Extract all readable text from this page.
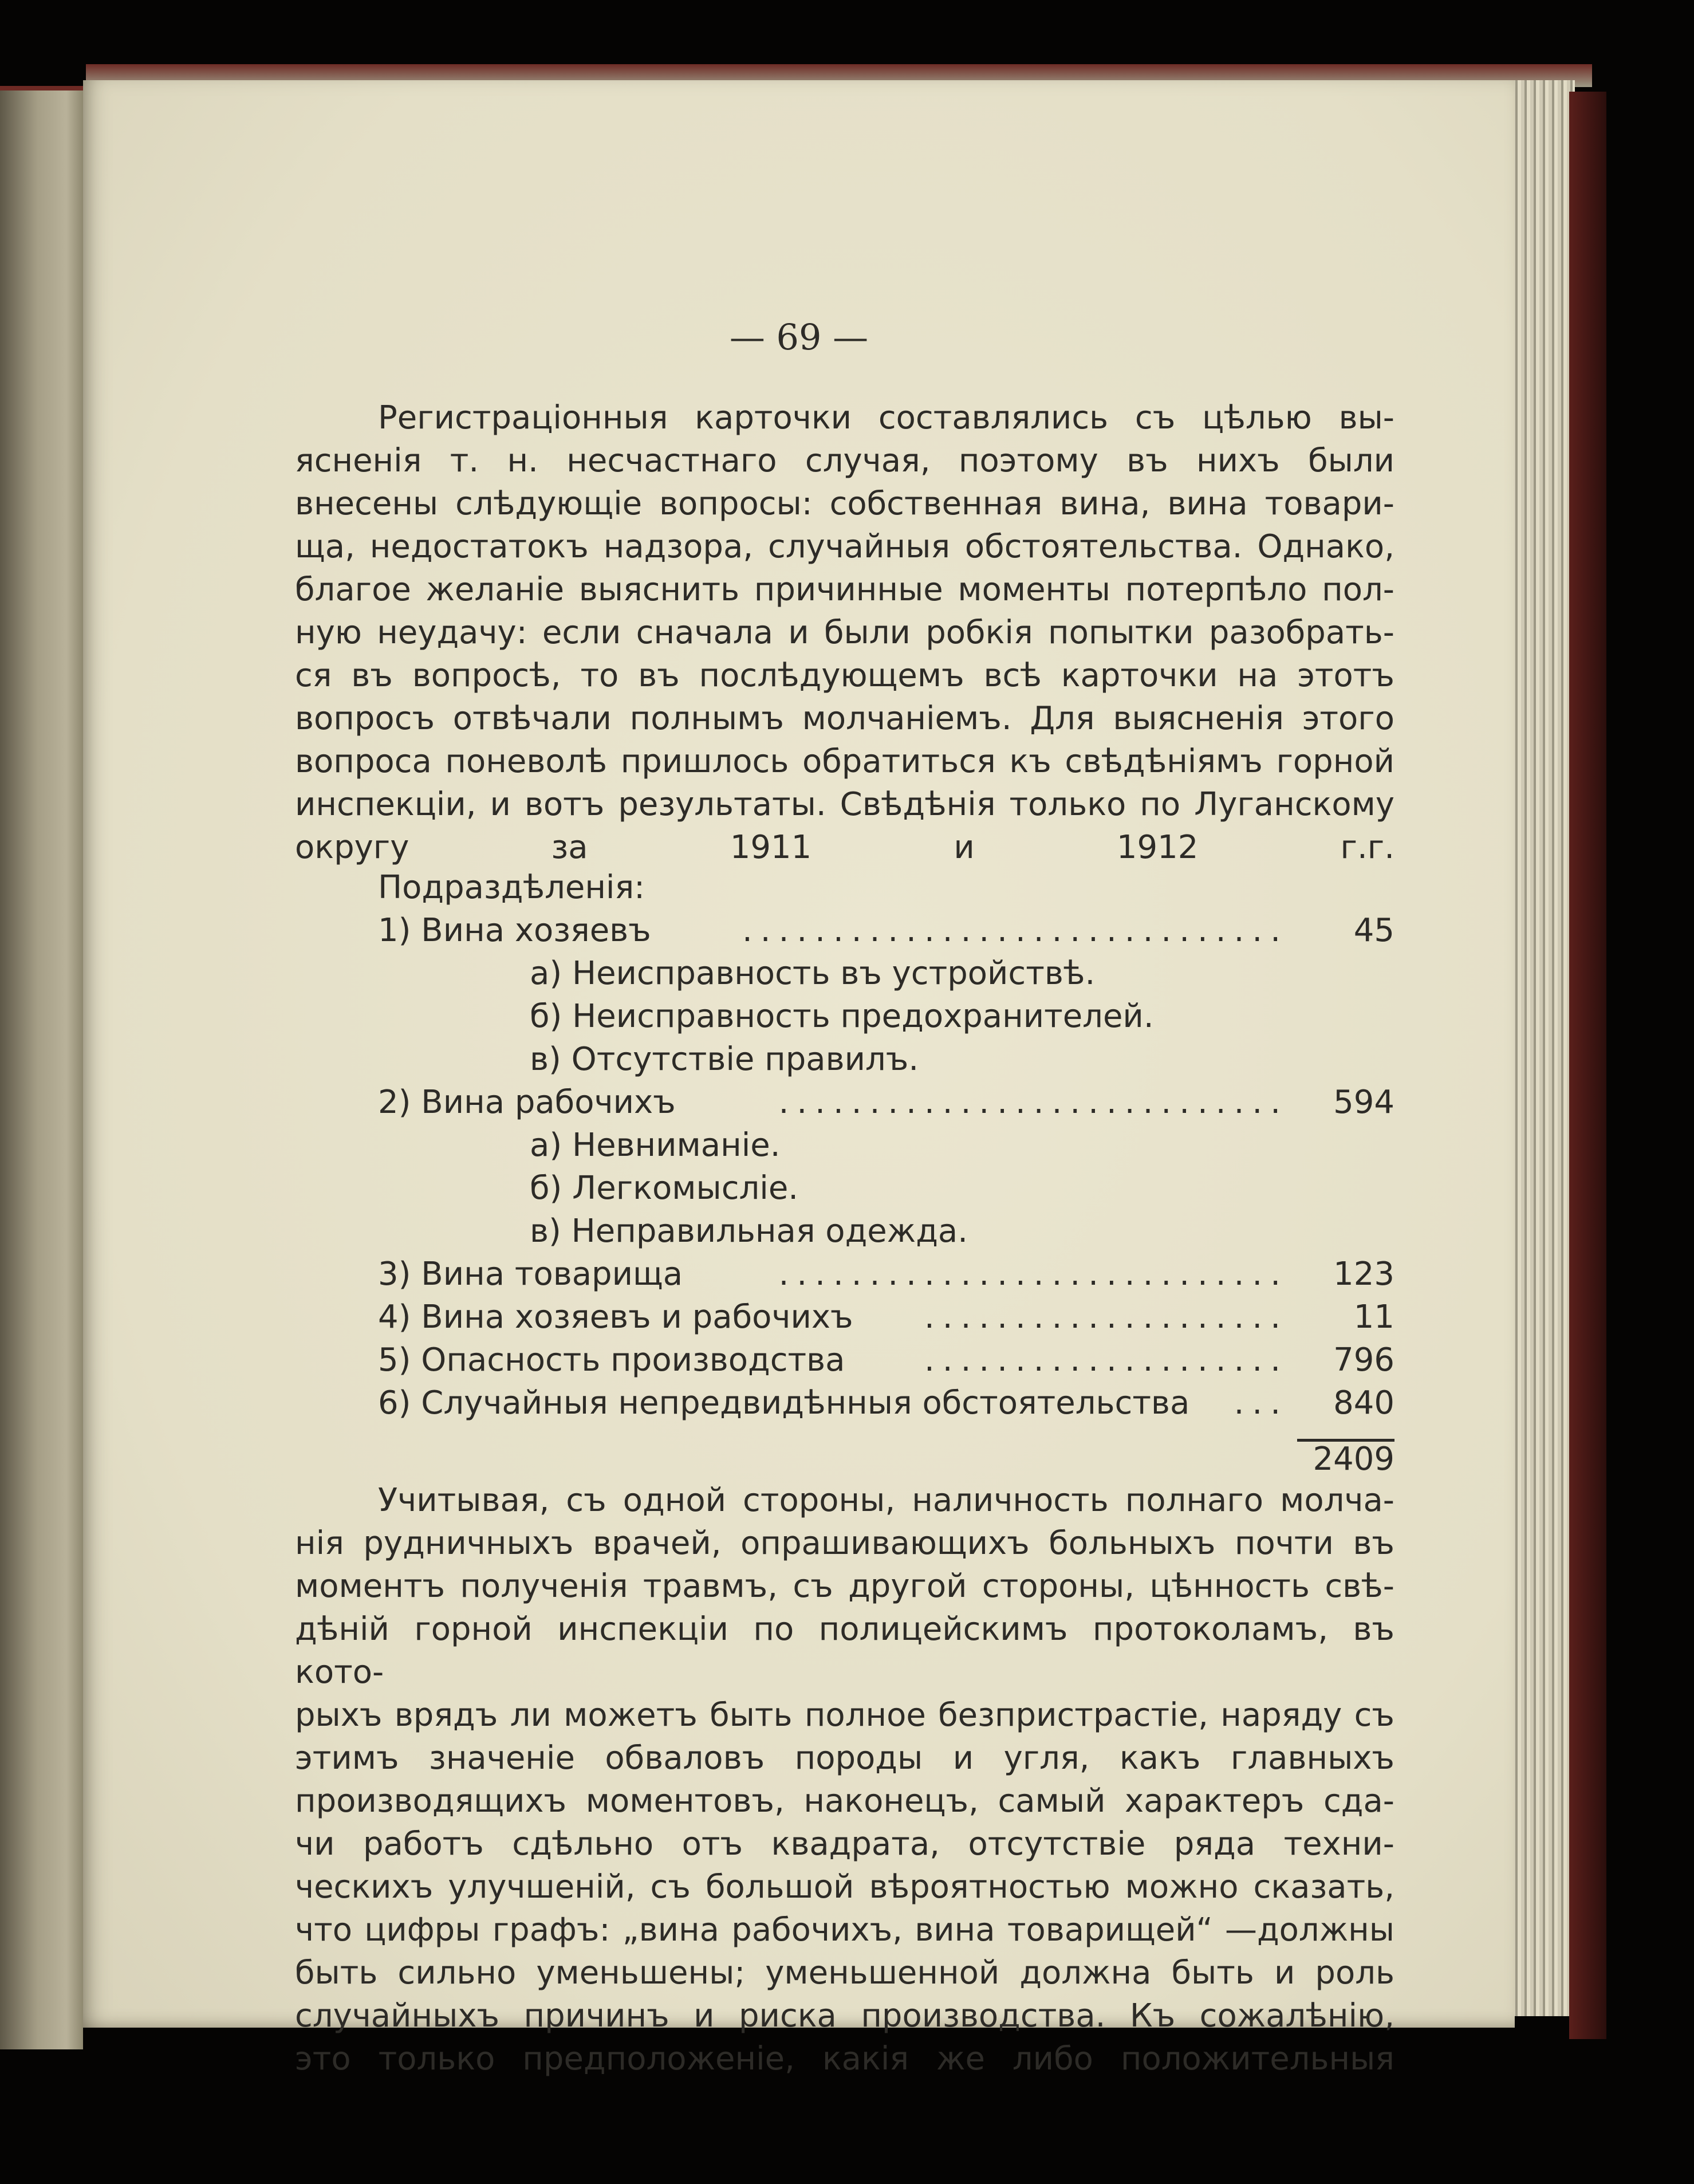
— 69 —
Регистраціонныя карточки составлялись съ цѣлью вы-
ясненія т. н. несчастнаго случая, поэтому въ нихъ были
внесены слѣдующіе вопросы: собственная вина, вина товари-
ща, недостатокъ надзора, случайныя обстоятельства. Однако,
благое желаніе выяснить причинные моменты потерпѣло пол-
ную неудачу: если сначала и были робкія попытки разобрать-
ся въ вопросѣ, то въ послѣдующемъ всѣ карточки на этотъ
вопросъ отвѣчали полнымъ молчаніемъ. Для выясненія этого
вопроса поневолѣ пришлось обратиться къ свѣдѣніямъ горной
инспекціи, и вотъ результаты. Свѣдѣнія только по Луганскому
округу за 1911 и 1912 г.г.
Подраздѣленія:
1) Вина хозяевъ	..............................	45
а) Неисправность въ устройствѣ.
б) Неисправность предохранителей.
в) Отсутствіе правилъ.
2) Вина рабочихъ	............................	594
а) Невниманіе.
б) Легкомысліе.
в) Неправильная одежда.
3) Вина товарища	............................	123
4) Вина хозяевъ и рабочихъ ....................	11
5) Опасность производства ....................	796
6) Случайныя непредвидѣнныя обстоятельства ...	840
2409
Учитывая, съ одной стороны, наличность полнаго молча-
нія рудничныхъ врачей, опрашивающихъ больныхъ почти въ
моментъ полученія травмъ, съ другой стороны, цѣнность свѣ-
дѣній горной инспекціи по полицейскимъ протоколамъ, въ кото-
рыхъ врядъ ли можетъ быть полное безпристрастіе, наряду съ
этимъ значеніе обваловъ породы и угля, какъ главныхъ
производящихъ моментовъ, наконецъ, самый характеръ сда-
чи работъ сдѣльно отъ квадрата, отсутствіе ряда техни-
ческихъ улучшеній, съ большой вѣроятностью можно сказать,
что цифры графъ: „вина рабочихъ, вина товарищей“ —должны
быть сильно уменьшены; уменьшенной должна быть и роль
случайныхъ причинъ и риска производства. Къ сожалѣнію,
это только предположеніе, какія же либо положительныя
